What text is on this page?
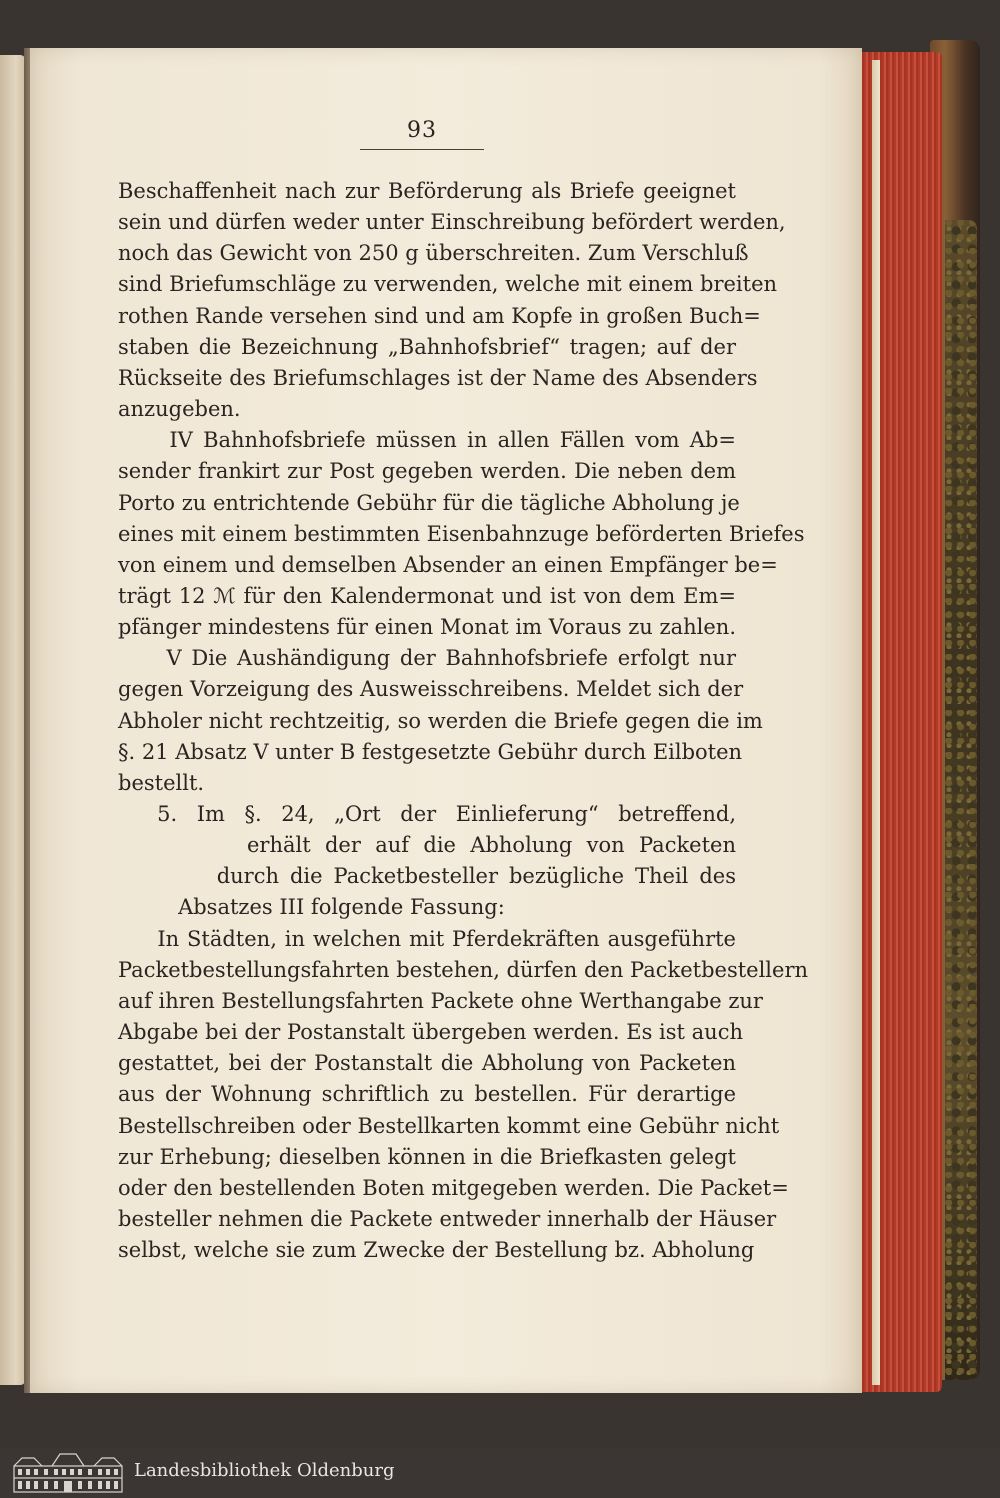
93

Beschaffenheit nach zur Beförderung als Briefe geeignet

sein und dürfen weder unter Einschreibung befördert werden,

noch das Gewicht von 250 g überschreiten. Zum Verschluß

sind Briefumschläge zu verwenden, welche mit einem breiten

rothen Rande versehen sind und am Kopfe in großen Buch=

staben die Bezeichnung „Bahnhofsbrief“ tragen; auf der

Rückseite des Briefumschlages ist der Name des Absenders

anzugeben.

IV Bahnhofsbriefe müssen in allen Fällen vom Ab=

sender frankirt zur Post gegeben werden. Die neben dem

Porto zu entrichtende Gebühr für die tägliche Abholung je

eines mit einem bestimmten Eisenbahnzuge beförderten Briefes

von einem und demselben Absender an einen Empfänger be=

trägt 12 ℳ für den Kalendermonat und ist von dem Em=

pfänger mindestens für einen Monat im Voraus zu zahlen.

V Die Aushändigung der Bahnhofsbriefe erfolgt nur

gegen Vorzeigung des Ausweisschreibens. Meldet sich der

Abholer nicht rechtzeitig, so werden die Briefe gegen die im

§. 21 Absatz V unter B festgesetzte Gebühr durch Eilboten

bestellt.

5. Im §. 24, „Ort der Einlieferung“ betreffend,

erhält der auf die Abholung von Packeten

durch die Packetbesteller bezügliche Theil des

Absatzes III folgende Fassung:

In Städten, in welchen mit Pferdekräften ausgeführte

Packetbestellungsfahrten bestehen, dürfen den Packetbestellern

auf ihren Bestellungsfahrten Packete ohne Werthangabe zur

Abgabe bei der Postanstalt übergeben werden. Es ist auch

gestattet, bei der Postanstalt die Abholung von Packeten

aus der Wohnung schriftlich zu bestellen. Für derartige

Bestellschreiben oder Bestellkarten kommt eine Gebühr nicht

zur Erhebung; dieselben können in die Briefkasten gelegt

oder den bestellenden Boten mitgegeben werden. Die Packet=

besteller nehmen die Packete entweder innerhalb der Häuser

selbst, welche sie zum Zwecke der Bestellung bz. Abholung

Landesbibliothek Oldenburg
